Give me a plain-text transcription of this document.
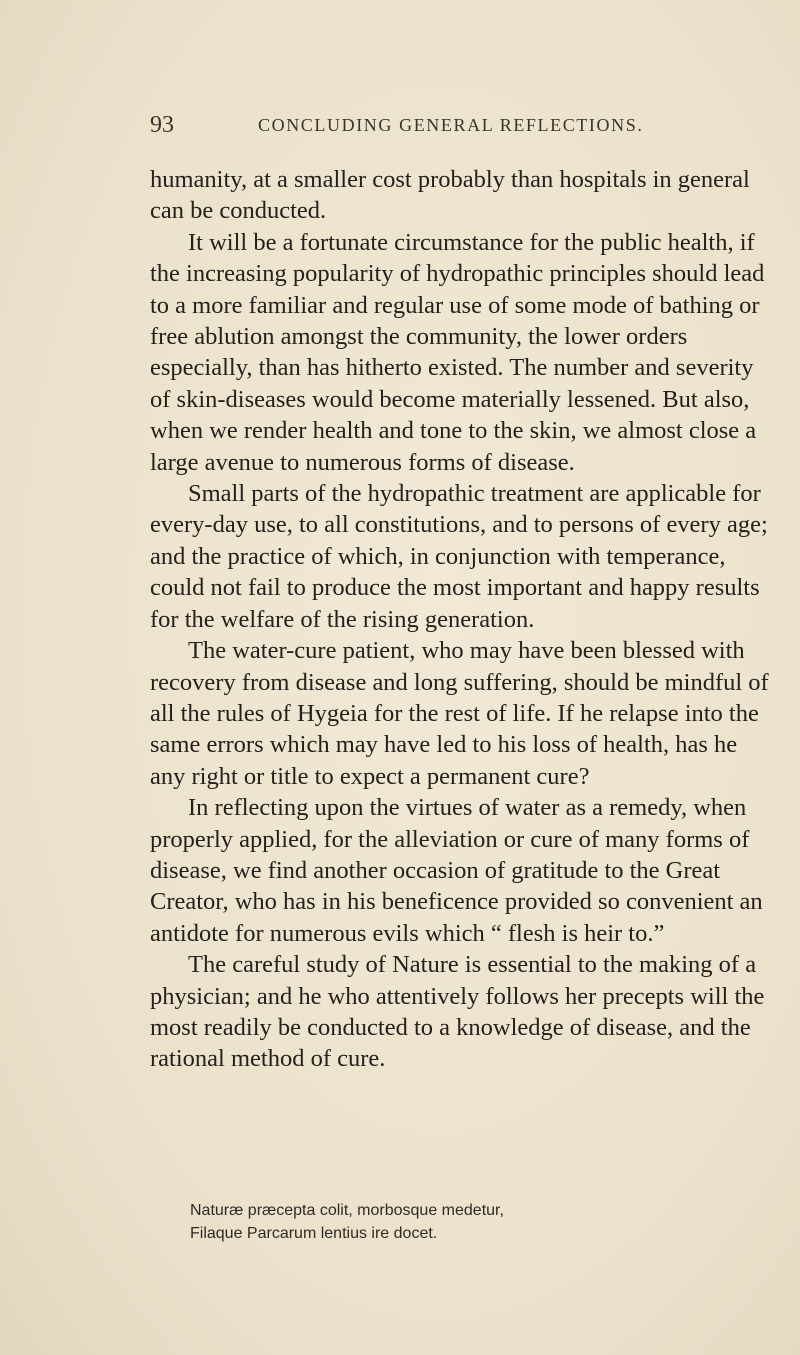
93	CONCLUDING GENERAL REFLECTIONS.

humanity, at a smaller cost probably than hospitals in general can be conducted.

It will be a fortunate circumstance for the public health, if the increasing popularity of hydropathic principles should lead to a more familiar and regular use of some mode of bathing or free ablution amongst the community, the lower orders especially, than has hitherto existed. The number and severity of skin-diseases would become materially lessened. But also, when we render health and tone to the skin, we almost close a large avenue to numerous forms of disease.

Small parts of the hydropathic treatment are applicable for every-day use, to all constitutions, and to persons of every age; and the practice of which, in conjunction with temperance, could not fail to produce the most important and happy results for the welfare of the rising generation.

The water-cure patient, who may have been blessed with recovery from disease and long suffering, should be mindful of all the rules of Hygeia for the rest of life. If he relapse into the same errors which may have led to his loss of health, has he any right or title to expect a permanent cure?

In reflecting upon the virtues of water as a remedy, when properly applied, for the alleviation or cure of many forms of disease, we find another occasion of gratitude to the Great Creator, who has in his beneficence provided so convenient an antidote for numerous evils which “ flesh is heir to.”

The careful study of Nature is essential to the making of a physician; and he who attentively follows her precepts will the most readily be conducted to a knowledge of disease, and the rational method of cure.

Naturæ præcepta colit, morbosque medetur,
Filaque Parcarum lentius ire docet.
